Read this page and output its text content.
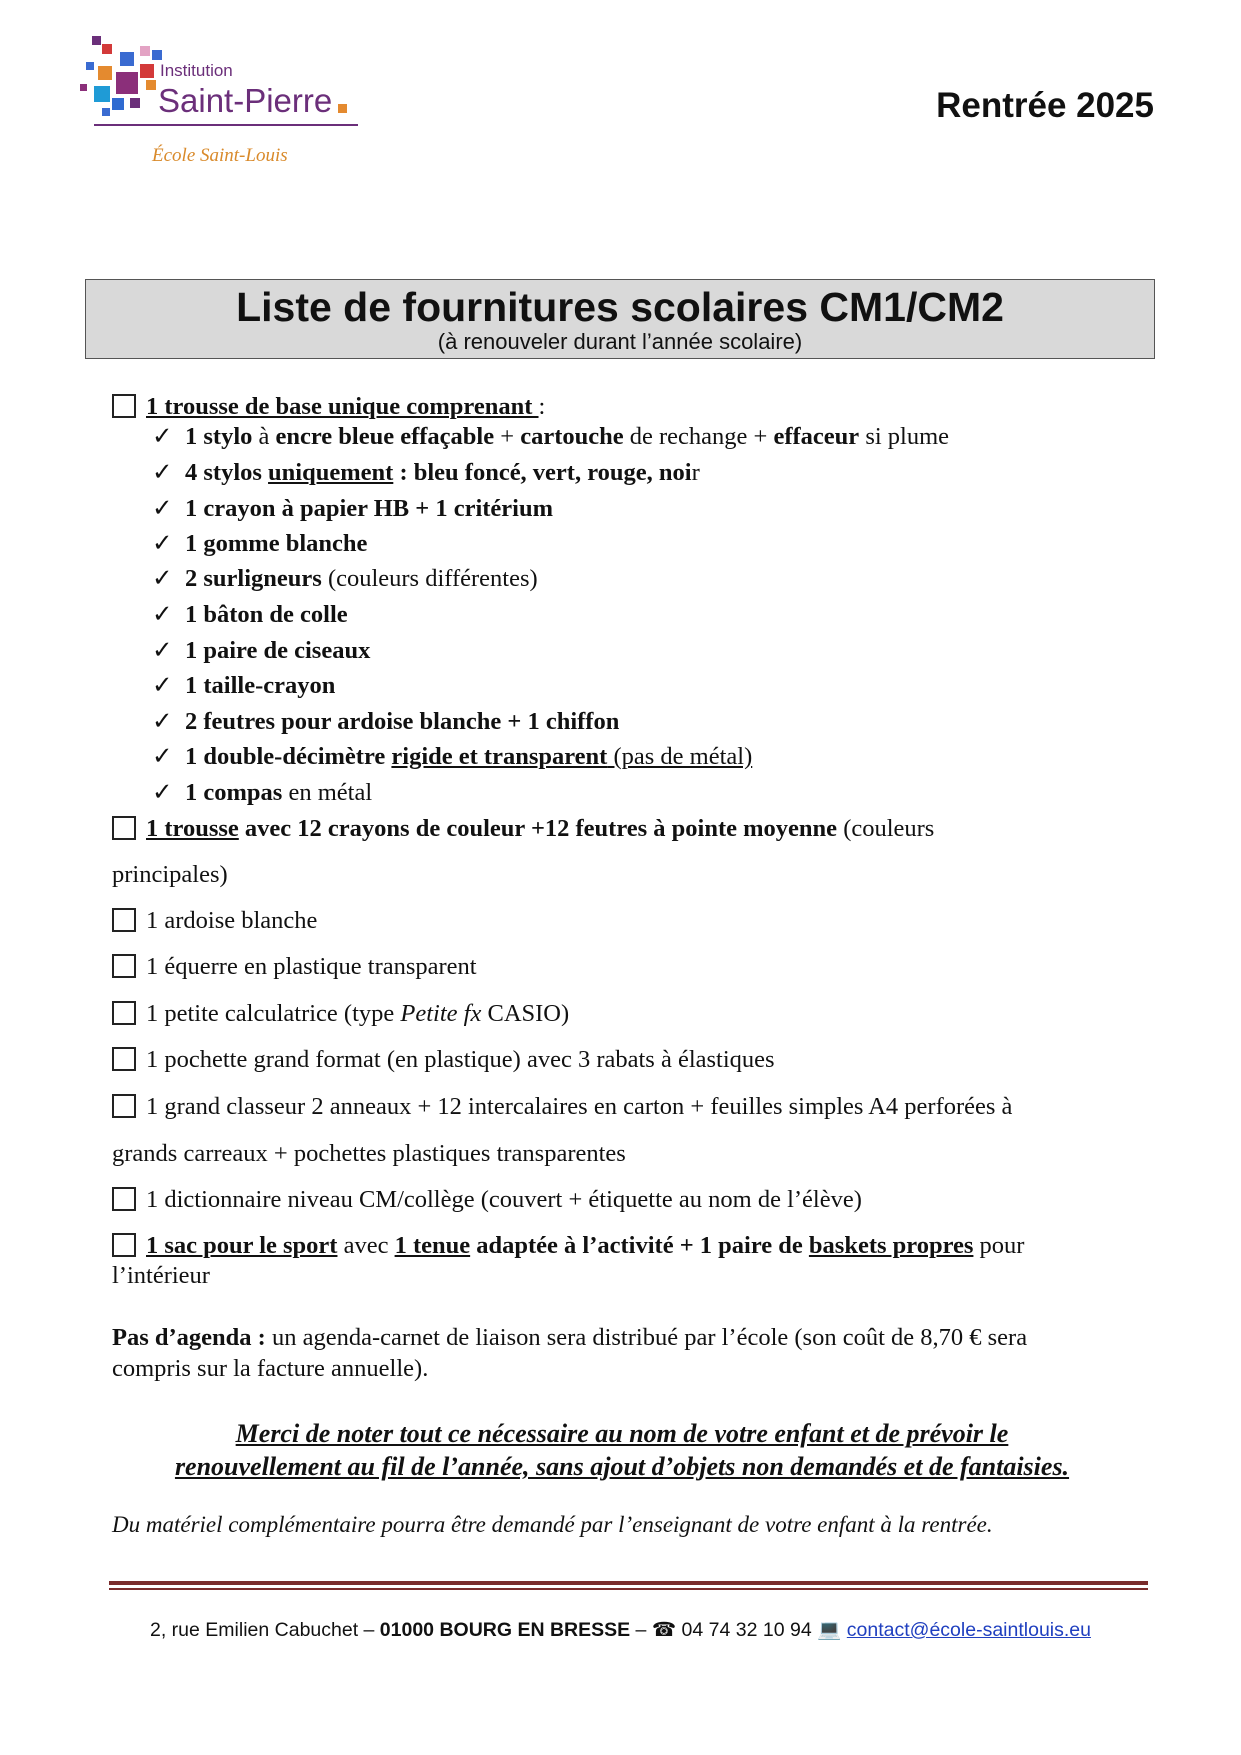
Institution
Saint-Pierre
École Saint-Louis
Rentrée 2025
Liste de fournitures scolaires CM1/CM2
(à renouveler durant l’année scolaire)
1 trousse de base unique comprenant :
✓ 1 stylo à encre bleue effaçable + cartouche de rechange + effaceur si plume
✓ 4 stylos uniquement : bleu foncé, vert, rouge, noir
✓ 1 crayon à papier HB + 1 critérium
✓ 1 gomme blanche
✓ 2 surligneurs (couleurs différentes)
✓ 1 bâton de colle
✓ 1 paire de ciseaux
✓ 1 taille-crayon
✓ 2 feutres pour ardoise blanche + 1 chiffon
✓ 1 double-décimètre rigide et transparent (pas de métal)
✓ 1 compas en métal
1 trousse avec 12 crayons de couleur +12 feutres à pointe moyenne (couleurs
principales)
1 ardoise blanche
1 équerre en plastique transparent
1 petite calculatrice (type Petite fx CASIO)
1 pochette grand format (en plastique) avec 3 rabats à élastiques
1 grand classeur 2 anneaux + 12 intercalaires en carton + feuilles simples A4 perforées à
grands carreaux + pochettes plastiques transparentes
1 dictionnaire niveau CM/collège (couvert + étiquette au nom de l’élève)
1 sac pour le sport avec 1 tenue adaptée à l’activité + 1 paire de baskets propres pour
l’intérieur
Pas d’agenda : un agenda-carnet de liaison sera distribué par l’école (son coût de 8,70 € sera
compris sur la facture annuelle).
Merci de noter tout ce nécessaire au nom de votre enfant et de prévoir le
renouvellement au fil de l’année, sans ajout d’objets non demandés et de fantaisies.
Du matériel complémentaire pourra être demandé par l’enseignant de votre enfant à la rentrée.
2, rue Emilien Cabuchet – 01000 BOURG EN BRESSE – ☎ 04 74 32 10 94 💻 contact@école-saintlouis.eu
